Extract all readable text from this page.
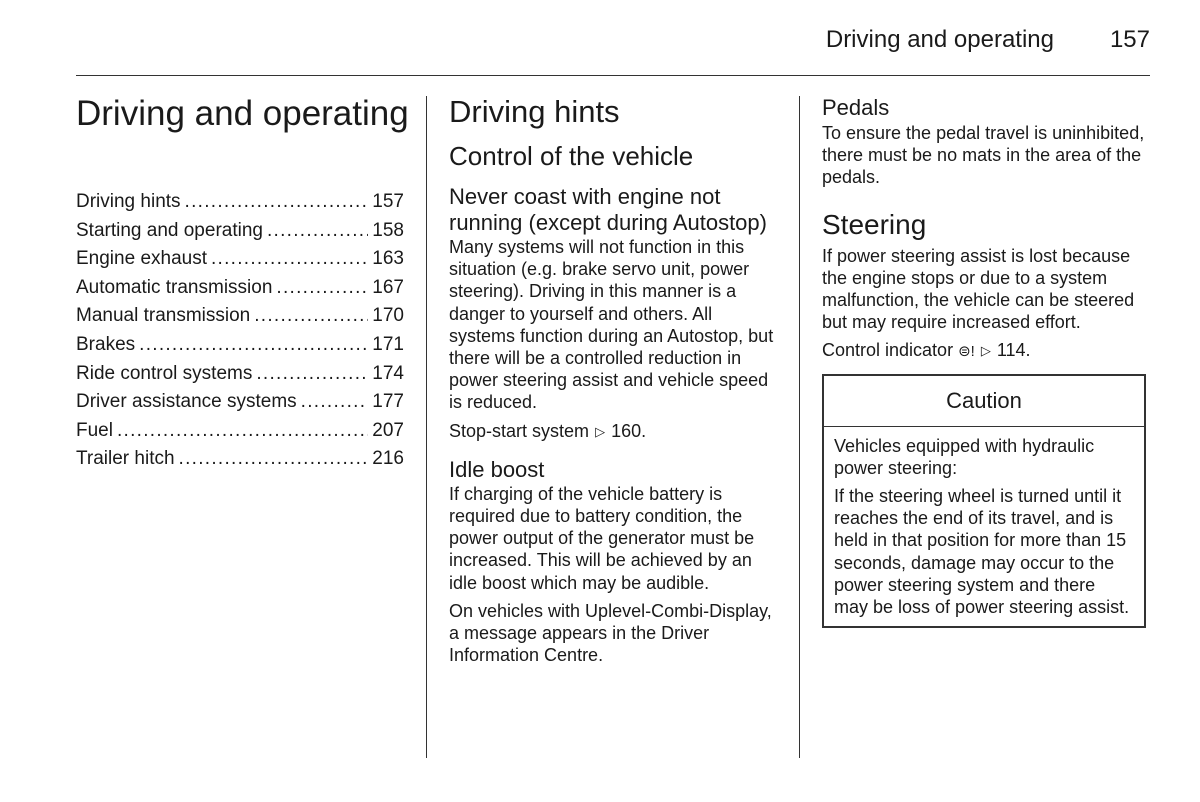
Driving and operating	157
Driving and operating
Driving hints . . .	157
Starting and operating . . .	158
Engine exhaust . . .	163
Automatic transmission . . .	167
Manual transmission . . .	170
Brakes . . .	171
Ride control systems . . .	174
Driver assistance systems . . .	177
Fuel . . .	207
Trailer hitch . . .	216
Driving hints
Control of the vehicle
Never coast with engine not running (except during Autostop)

Many systems will not function in this situation (e.g. brake servo unit, power steering). Driving in this manner is a danger to yourself and others. All systems function during an Autostop, but there will be a controlled reduction in power steering assist and vehicle speed is reduced.

Stop-start system ▷ 160.

Idle boost

If charging of the vehicle battery is required due to battery condition, the power output of the generator must be increased. This will be achieved by an idle boost which may be audible.

On vehicles with Uplevel-Combi-Display, a message appears in the Driver Information Centre.

Pedals

To ensure the pedal travel is uninhibited, there must be no mats in the area of the pedals.

Steering

If power steering assist is lost because the engine stops or due to a system malfunction, the vehicle can be steered but may require increased effort.

Control indicator ⊜! ▷ 114.

Caution

Vehicles equipped with hydraulic power steering:

If the steering wheel is turned until it reaches the end of its travel, and is held in that position for more than 15 seconds, damage may occur to the power steering system and there may be loss of power steering assist.
